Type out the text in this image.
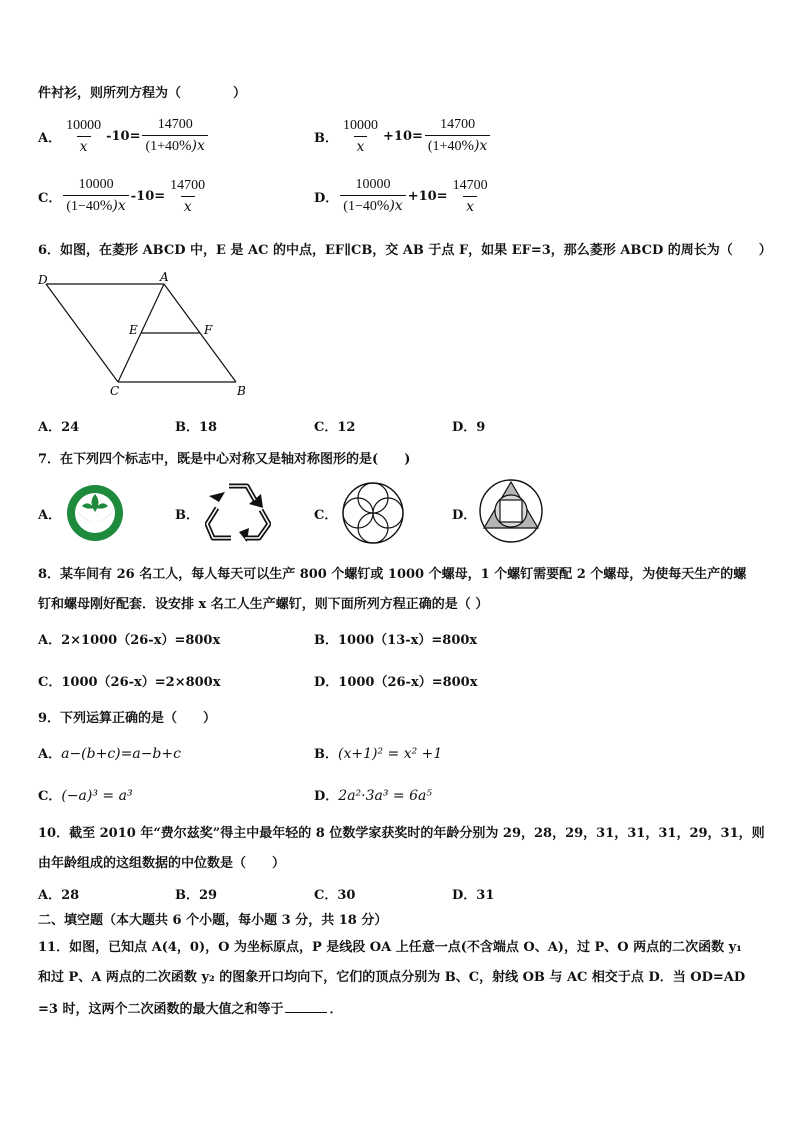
件衬衫，则所列方程为（　　　　）
A． $\frac{10000}{x} -10= \frac{14700}{(1+40\%)x}$	B． $\frac{10000}{x} +10= \frac{14700}{(1+40\%)x}$
C． $\frac{10000}{(1-40\%)x} -10= \frac{14700}{x}$	D． $\frac{10000}{(1-40\%)x} +10= \frac{14700}{x}$
6．如图，在菱形 ABCD 中，E 是 AC 的中点，EF∥CB，交 AB 于点 F，如果 EF=3，那么菱形 ABCD 的周长为（　　）
D	A
E	F
C	B
A．24	B．18	C．12	D．9
7．在下列四个标志中，既是中心对称又是轴对称图形的是(　　)
A．	B．	C．	D．
8．某车间有 26 名工人，每人每天可以生产 800 个螺钉或 1000 个螺母，1 个螺钉需要配 2 个螺母，为使每天生产的螺
钉和螺母刚好配套．设安排 x 名工人生产螺钉，则下面所列方程正确的是（ ）
A．2×1000（26-x）=800x	B．1000（13-x）=800x
C．1000（26-x）=2×800x	D．1000（26-x）=800x
9．下列运算正确的是（　　）
A．a−(b+c)=a−b+c	B．(x+1)² = x² +1
C．(−a)³ = a³	D．2a²·3a³ = 6a⁵
10．截至 2010 年“费尔兹奖”得主中最年轻的 8 位数学家获奖时的年龄分别为 29，28，29，31，31，31，29，31，则
由年龄组成的这组数据的中位数是（　　）
A．28	B．29	C．30	D．31
二、填空题（本大题共 6 个小题，每小题 3 分，共 18 分）
11．如图，已知点 A(4，0)，O 为坐标原点，P 是线段 OA 上任意一点(不含端点 O、A)，过 P、O 两点的二次函数 y₁
和过 P、A 两点的二次函数 y₂ 的图象开口均向下，它们的顶点分别为 B、C，射线 OB 与 AC 相交于点 D．当 OD=AD
=3 时，这两个二次函数的最大值之和等于	．
